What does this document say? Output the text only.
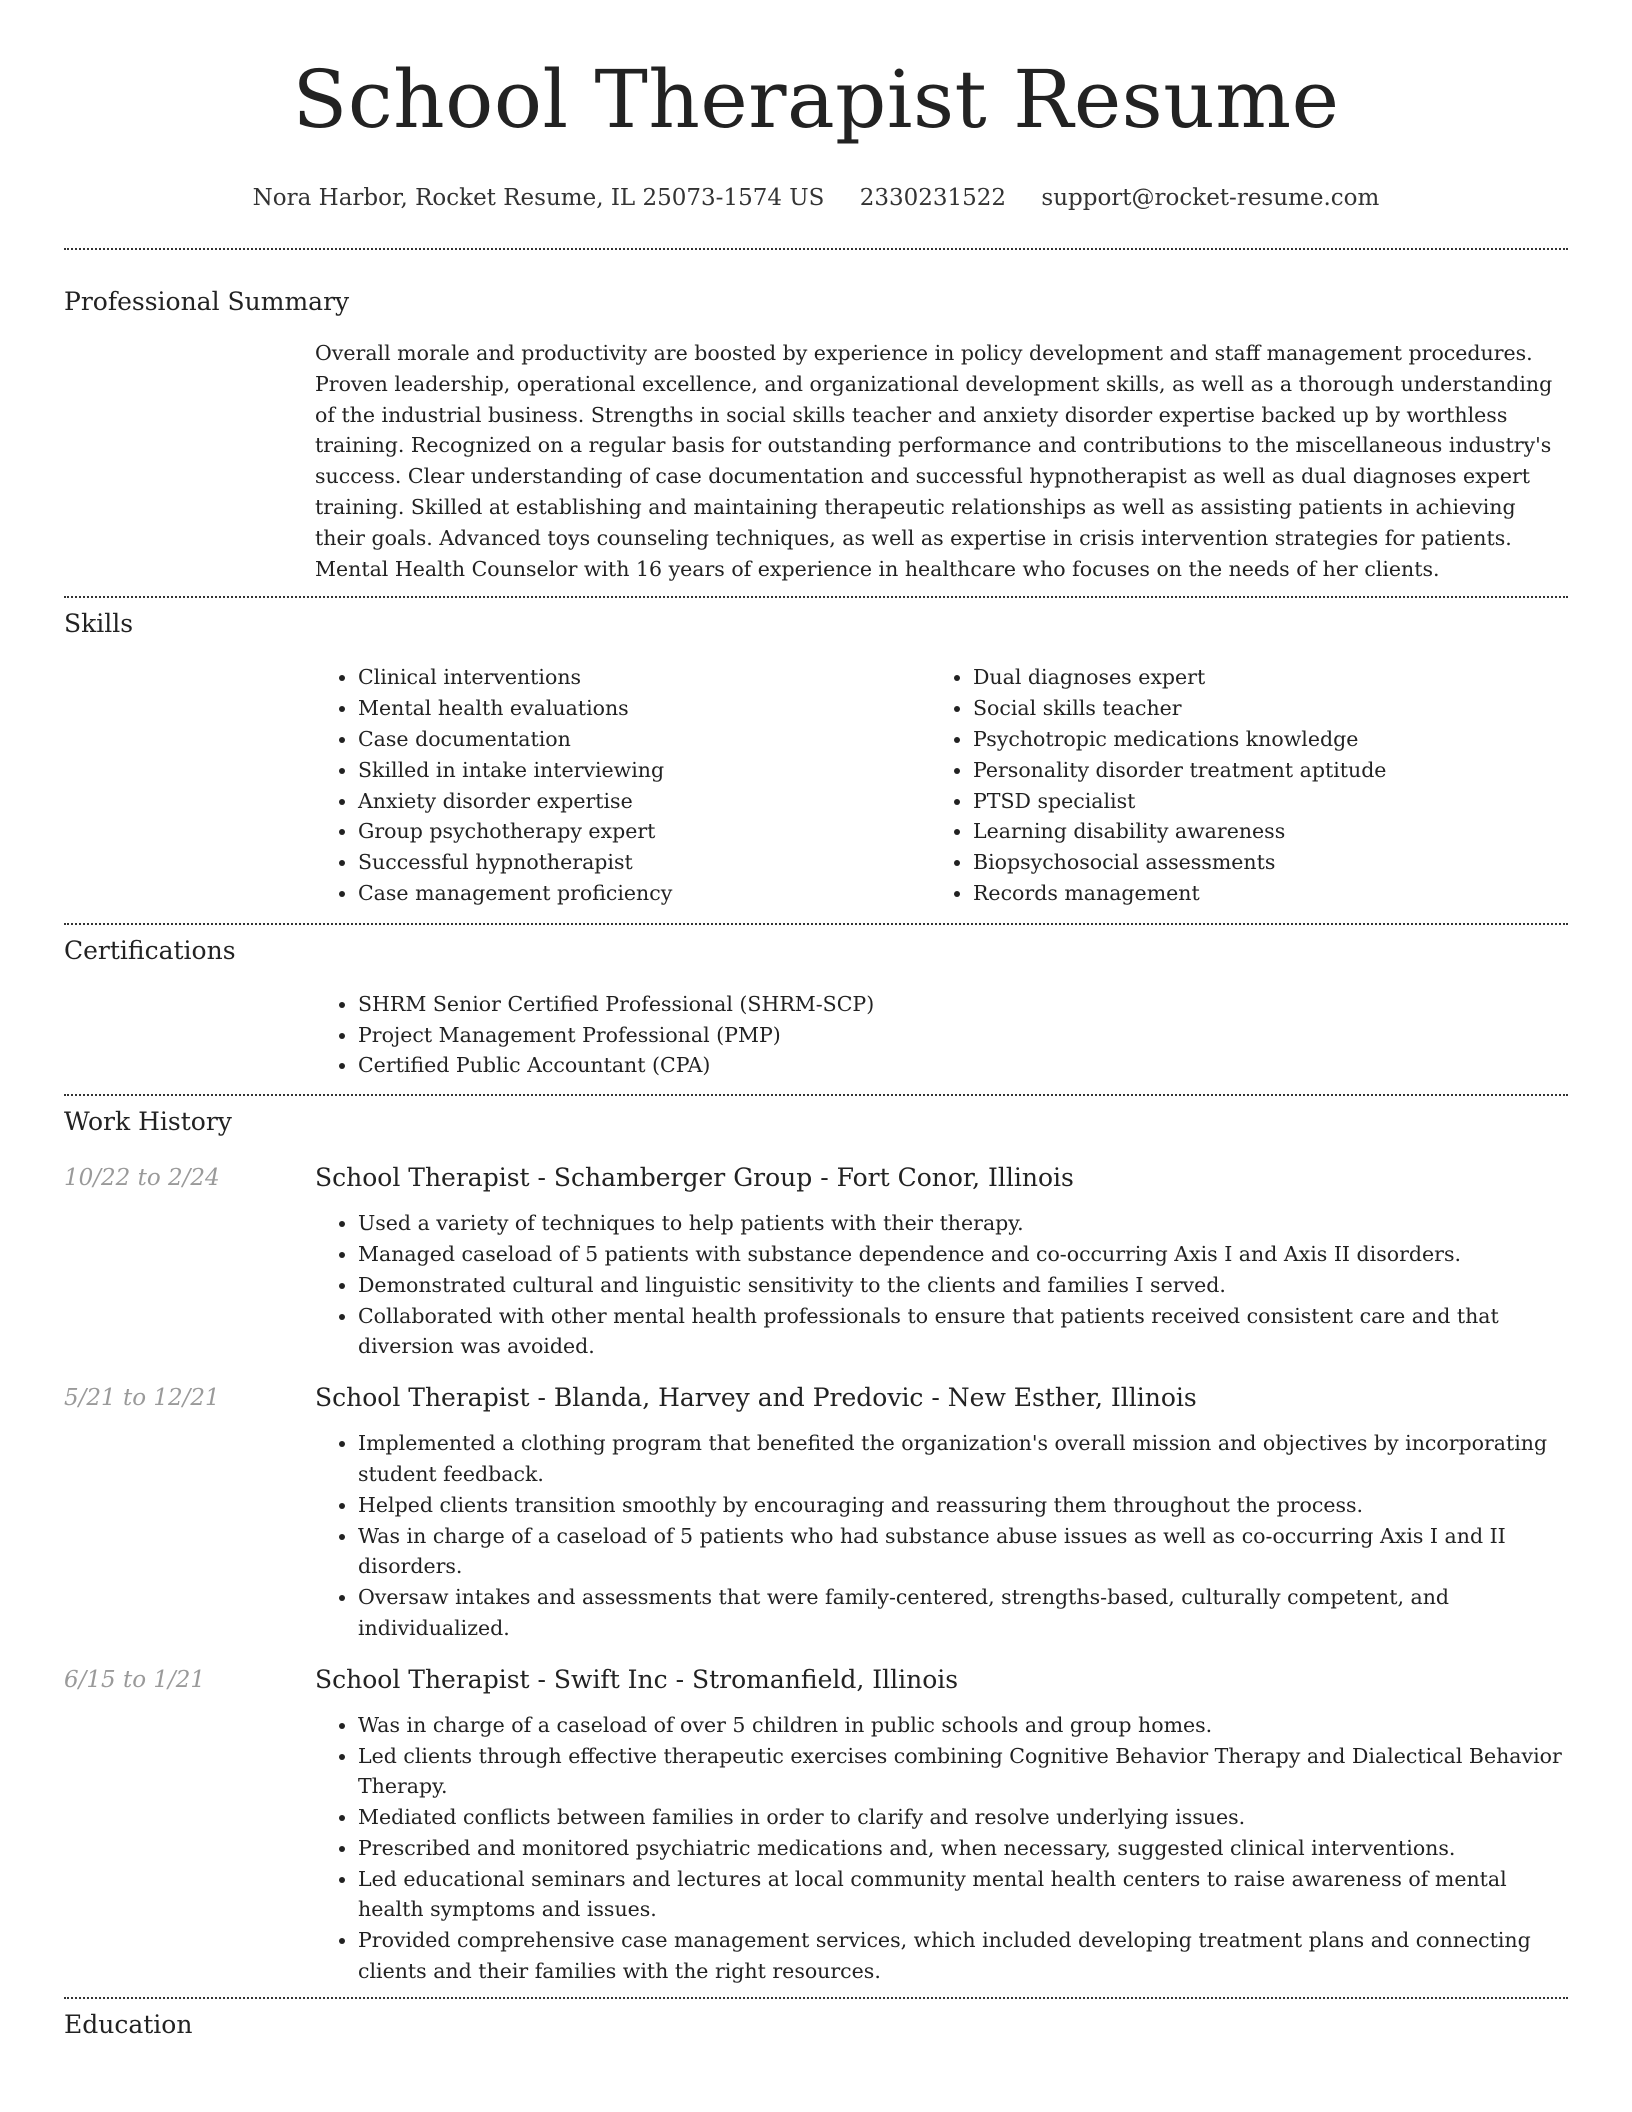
School Therapist Resume
Nora Harbor, Rocket Resume, IL 25073-1574 US 2330231522 support@rocket-resume.com
Professional Summary
Overall morale and productivity are boosted by experience in policy development and staff management procedures. Proven leadership, operational excellence, and organizational development skills, as well as a thorough understanding of the industrial business. Strengths in social skills teacher and anxiety disorder expertise backed up by worthless training. Recognized on a regular basis for outstanding performance and contributions to the miscellaneous industry's success. Clear understanding of case documentation and successful hypnotherapist as well as dual diagnoses expert training. Skilled at establishing and maintaining therapeutic relationships as well as assisting patients in achieving their goals. Advanced toys counseling techniques, as well as expertise in crisis intervention strategies for patients. Mental Health Counselor with 16 years of experience in healthcare who focuses on the needs of her clients.
Skills
• Clinical interventions
• Mental health evaluations
• Case documentation
• Skilled in intake interviewing
• Anxiety disorder expertise
• Group psychotherapy expert
• Successful hypnotherapist
• Case management proficiency
• Dual diagnoses expert
• Social skills teacher
• Psychotropic medications knowledge
• Personality disorder treatment aptitude
• PTSD specialist
• Learning disability awareness
• Biopsychosocial assessments
• Records management
Certifications
• SHRM Senior Certified Professional (SHRM-SCP)
• Project Management Professional (PMP)
• Certified Public Accountant (CPA)
Work History
10/22 to 2/24	School Therapist - Schamberger Group - Fort Conor, Illinois
• Used a variety of techniques to help patients with their therapy.
• Managed caseload of 5 patients with substance dependence and co-occurring Axis I and Axis II disorders.
• Demonstrated cultural and linguistic sensitivity to the clients and families I served.
• Collaborated with other mental health professionals to ensure that patients received consistent care and that diversion was avoided.
5/21 to 12/21	School Therapist - Blanda, Harvey and Predovic - New Esther, Illinois
• Implemented a clothing program that benefited the organization's overall mission and objectives by incorporating student feedback.
• Helped clients transition smoothly by encouraging and reassuring them throughout the process.
• Was in charge of a caseload of 5 patients who had substance abuse issues as well as co-occurring Axis I and II disorders.
• Oversaw intakes and assessments that were family-centered, strengths-based, culturally competent, and individualized.
6/15 to 1/21	School Therapist - Swift Inc - Stromanfield, Illinois
• Was in charge of a caseload of over 5 children in public schools and group homes.
• Led clients through effective therapeutic exercises combining Cognitive Behavior Therapy and Dialectical Behavior Therapy.
• Mediated conflicts between families in order to clarify and resolve underlying issues.
• Prescribed and monitored psychiatric medications and, when necessary, suggested clinical interventions.
• Led educational seminars and lectures at local community mental health centers to raise awareness of mental health symptoms and issues.
• Provided comprehensive case management services, which included developing treatment plans and connecting clients and their families with the right resources.
Education
